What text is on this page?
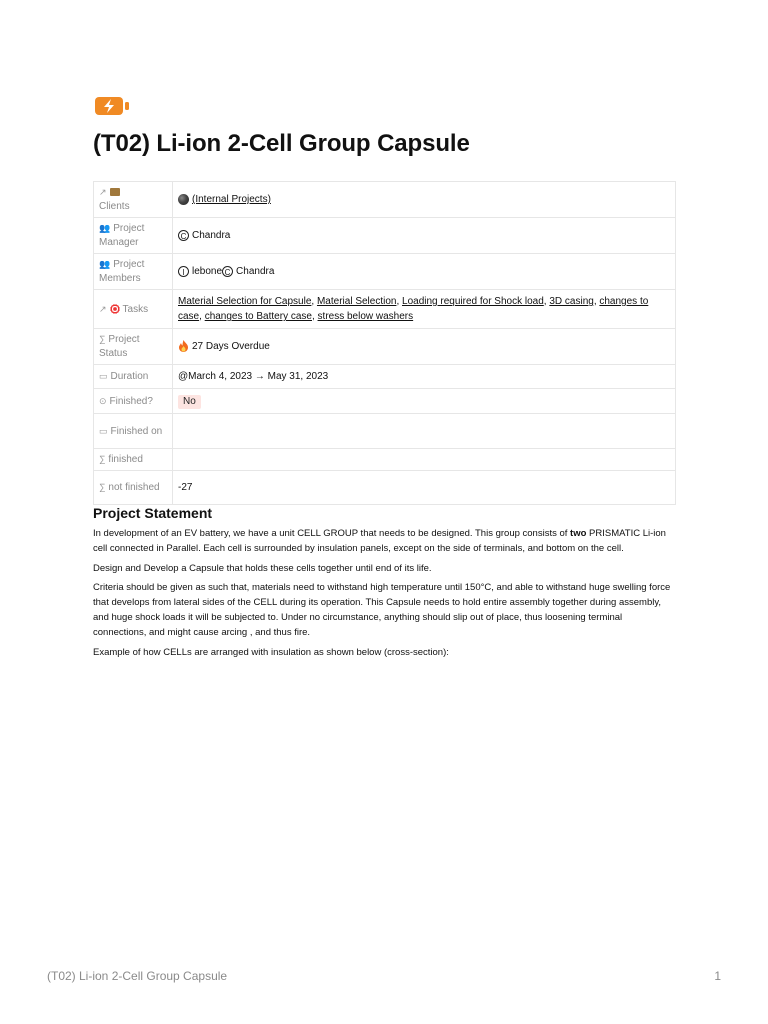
(T02) Li-ion 2-Cell Group Capsule
↗
Clients	(Internal Projects)
👥 Project Manager	C Chandra
👥 Project Members	l lebone C Chandra
↗ Tasks	Material Selection for Capsule, Material Selection, Loading required for Shock load, 3D casing, changes to case, changes to Battery case, stress below washers
∑ Project Status	27 Days Overdue
▭ Duration	@March 4, 2023 → May 31, 2023
⊙ Finished?	No
▭ Finished on	
∑ finished	
∑ not finished	-27
Project Statement

In development of an EV battery, we have a unit CELL GROUP that needs to be designed. This group consists of two PRISMATIC Li-ion cell connected in Parallel. Each cell is surrounded by insulation panels, except on the side of terminals, and bottom on the cell.

Design and Develop a Capsule that holds these cells together until end of its life.

Criteria should be given as such that, materials need to withstand high temperature until 150°C, and able to withstand huge swelling force that develops from lateral sides of the CELL during its operation. This Capsule needs to hold entire assembly together during assembly, and huge shock loads it will be subjected to. Under no circumstance, anything should slip out of place, thus loosening terminal connections, and might cause arcing , and thus fire.

Example of how CELLs are arranged with insulation as shown below (cross-section):

(T02) Li-ion 2-Cell Group Capsule	1
